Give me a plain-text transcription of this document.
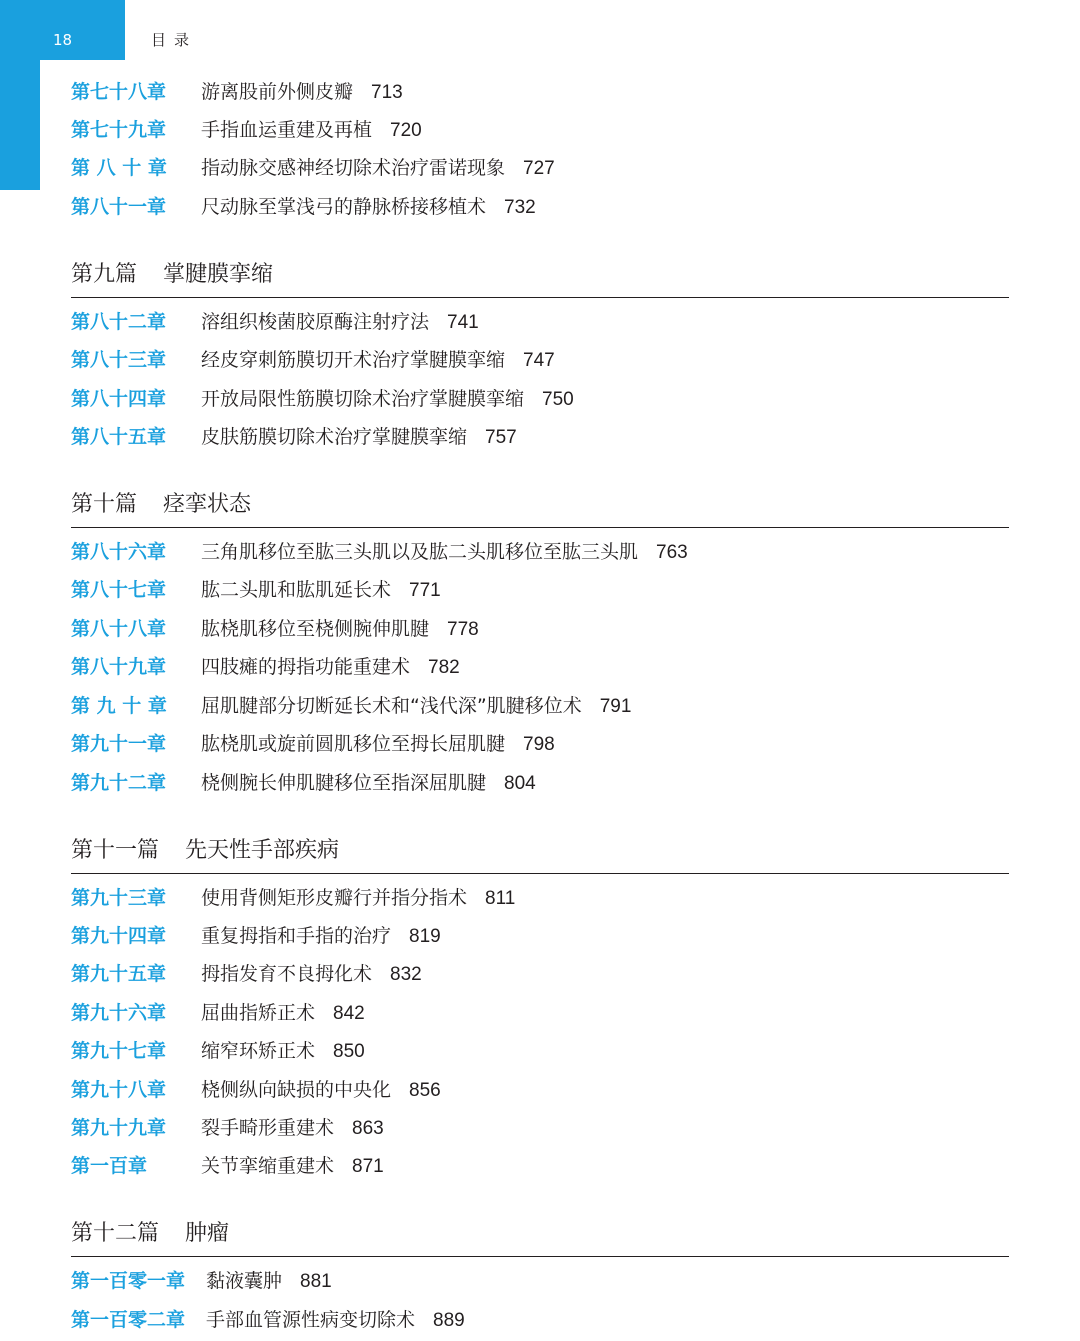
18	目录
第七十八章 游离股前外侧皮瓣 713
第七十九章 手指血运重建及再植 720
第 八 十 章 指动脉交感神经切除术治疗雷诺现象 727
第八十一章 尺动脉至掌浅弓的静脉桥接移植术 732
第九篇 掌腱膜挛缩
第八十二章 溶组织梭菌胶原酶注射疗法 741
第八十三章 经皮穿刺筋膜切开术治疗掌腱膜挛缩 747
第八十四章 开放局限性筋膜切除术治疗掌腱膜挛缩 750
第八十五章 皮肤筋膜切除术治疗掌腱膜挛缩 757
第十篇 痉挛状态
第八十六章 三角肌移位至肱三头肌以及肱二头肌移位至肱三头肌 763
第八十七章 肱二头肌和肱肌延长术 771
第八十八章 肱桡肌移位至桡侧腕伸肌腱 778
第八十九章 四肢瘫的拇指功能重建术 782
第 九 十 章 屈肌腱部分切断延长术和“浅代深”肌腱移位术 791
第九十一章 肱桡肌或旋前圆肌移位至拇长屈肌腱 798
第九十二章 桡侧腕长伸肌腱移位至指深屈肌腱 804
第十一篇 先天性手部疾病
第九十三章 使用背侧矩形皮瓣行并指分指术 811
第九十四章 重复拇指和手指的治疗 819
第九十五章 拇指发育不良拇化术 832
第九十六章 屈曲指矫正术 842
第九十七章 缩窄环矫正术 850
第九十八章 桡侧纵向缺损的中央化 856
第九十九章 裂手畸形重建术 863
第一百章	关节挛缩重建术 871
第十二篇 肿瘤
第一百零一章 黏液囊肿 881
第一百零二章 手部血管源性病变切除术 889
